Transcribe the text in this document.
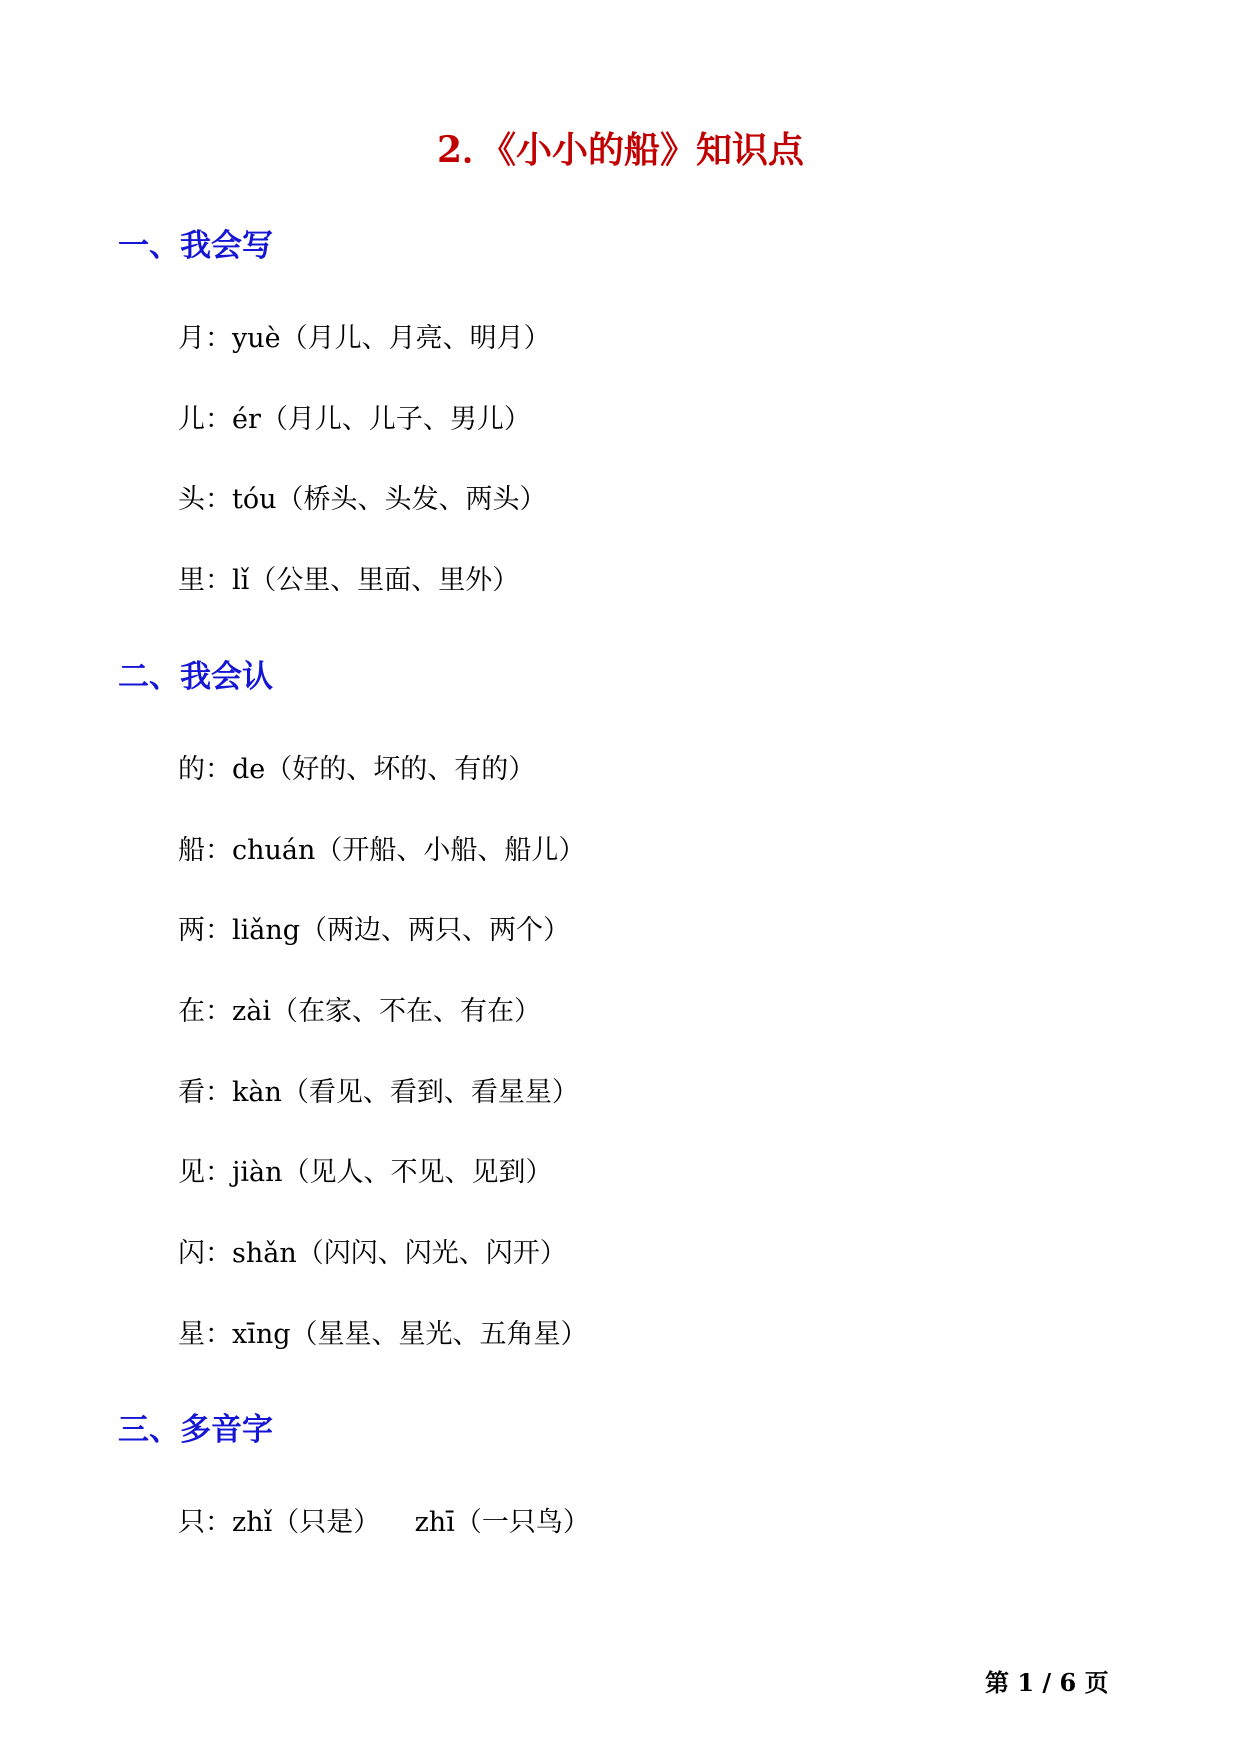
2．《小小的船》知识点
一、我会写
月：yuè（月儿、月亮、明月）
儿：ér（月儿、儿子、男儿）
头：tóu（桥头、头发、两头）
里：lǐ（公里、里面、里外）
二、我会认
的：de（好的、坏的、有的）
船：chuán（开船、小船、船儿）
两：liǎng（两边、两只、两个）
在：zài（在家、不在、有在）
看：kàn（看见、看到、看星星）
见：jiàn（见人、不见、见到）
闪：shǎn（闪闪、闪光、闪开）
星：xīng（星星、星光、五角星）
三、多音字
只：zhǐ（只是）    zhī（一只鸟）
第 1 / 6 页
